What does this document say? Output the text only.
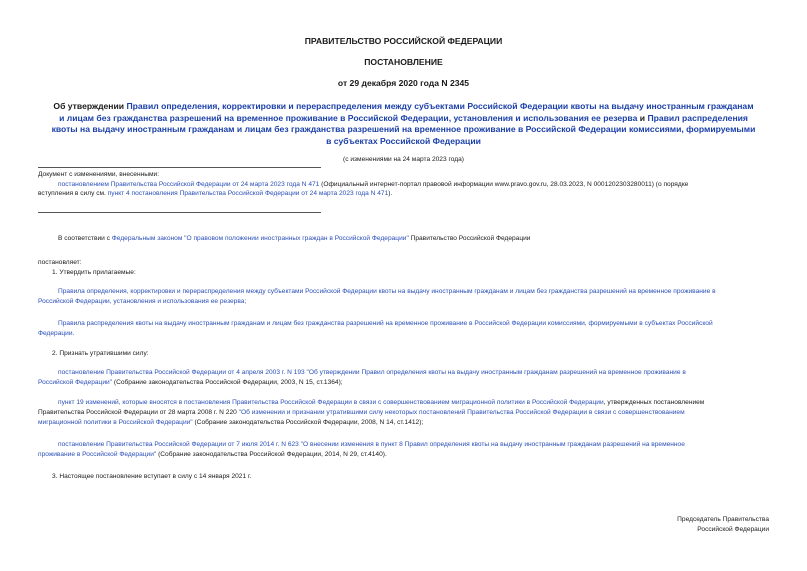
ПРАВИТЕЛЬСТВО РОССИЙСКОЙ ФЕДЕРАЦИИ
ПОСТАНОВЛЕНИЕ
от 29 декабря 2020 года N 2345
Об утверждении Правил определения, корректировки и перераспределения между субъектами Российской Федерации квоты на выдачу иностранным гражданам
и лицам без гражданства разрешений на временное проживание в Российской Федерации, установления и использования ее резерва и Правил распределения
квоты на выдачу иностранным гражданам и лицам без гражданства разрешений на временное проживание в Российской Федерации комиссиями, формируемыми
в субъектах Российской Федерации
(с изменениями на 24 марта 2023 года)
Документ с изменениями, внесенными:
постановлением Правительства Российской Федерации от 24 марта 2023 года N 471 (Официальный интернет-портал правовой информации www.pravo.gov.ru, 28.03.2023, N 0001202303280011) (о порядке
вступления в силу см. пункт 4 постановления Правительства Российской Федерации от 24 марта 2023 года N 471).
В соответствии с Федеральным законом "О правовом положении иностранных граждан в Российской Федерации" Правительство Российской Федерации
постановляет:
1. Утвердить прилагаемые:
Правила определения, корректировки и перераспределения между субъектами Российской Федерации квоты на выдачу иностранным гражданам и лицам без гражданства разрешений на временное проживание в
Российской Федерации, установления и использования ее резерва;
Правила распределения квоты на выдачу иностранным гражданам и лицам без гражданства разрешений на временное проживание в Российской Федерации комиссиями, формируемыми в субъектах Российской
Федерации.
2. Признать утратившими силу:
постановление Правительства Российской Федерации от 4 апреля 2003 г. N 193 "Об утверждении Правил определения квоты на выдачу иностранным гражданам разрешений на временное проживание в
Российской Федерации" (Собрание законодательства Российской Федерации, 2003, N 15, ст.1364);
пункт 19 изменений, которые вносятся в постановления Правительства Российской Федерации в связи с совершенствованием миграционной политики в Российской Федерации, утвержденных постановлением
Правительства Российской Федерации от 28 марта 2008 г. N 220 "Об изменении и признании утратившими силу некоторых постановлений Правительства Российской Федерации в связи с совершенствованием
миграционной политики в Российской Федерации" (Собрание законодательства Российской Федерации, 2008, N 14, ст.1412);
постановление Правительства Российской Федерации от 7 июля 2014 г. N 623 "О внесении изменения в пункт 8 Правил определения квоты на выдачу иностранным гражданам разрешений на временное
проживание в Российской Федерации" (Собрание законодательства Российской Федерации, 2014, N 29, ст.4140).
3. Настоящее постановление вступает в силу с 14 января 2021 г.
Председатель Правительства
Российской Федерации
